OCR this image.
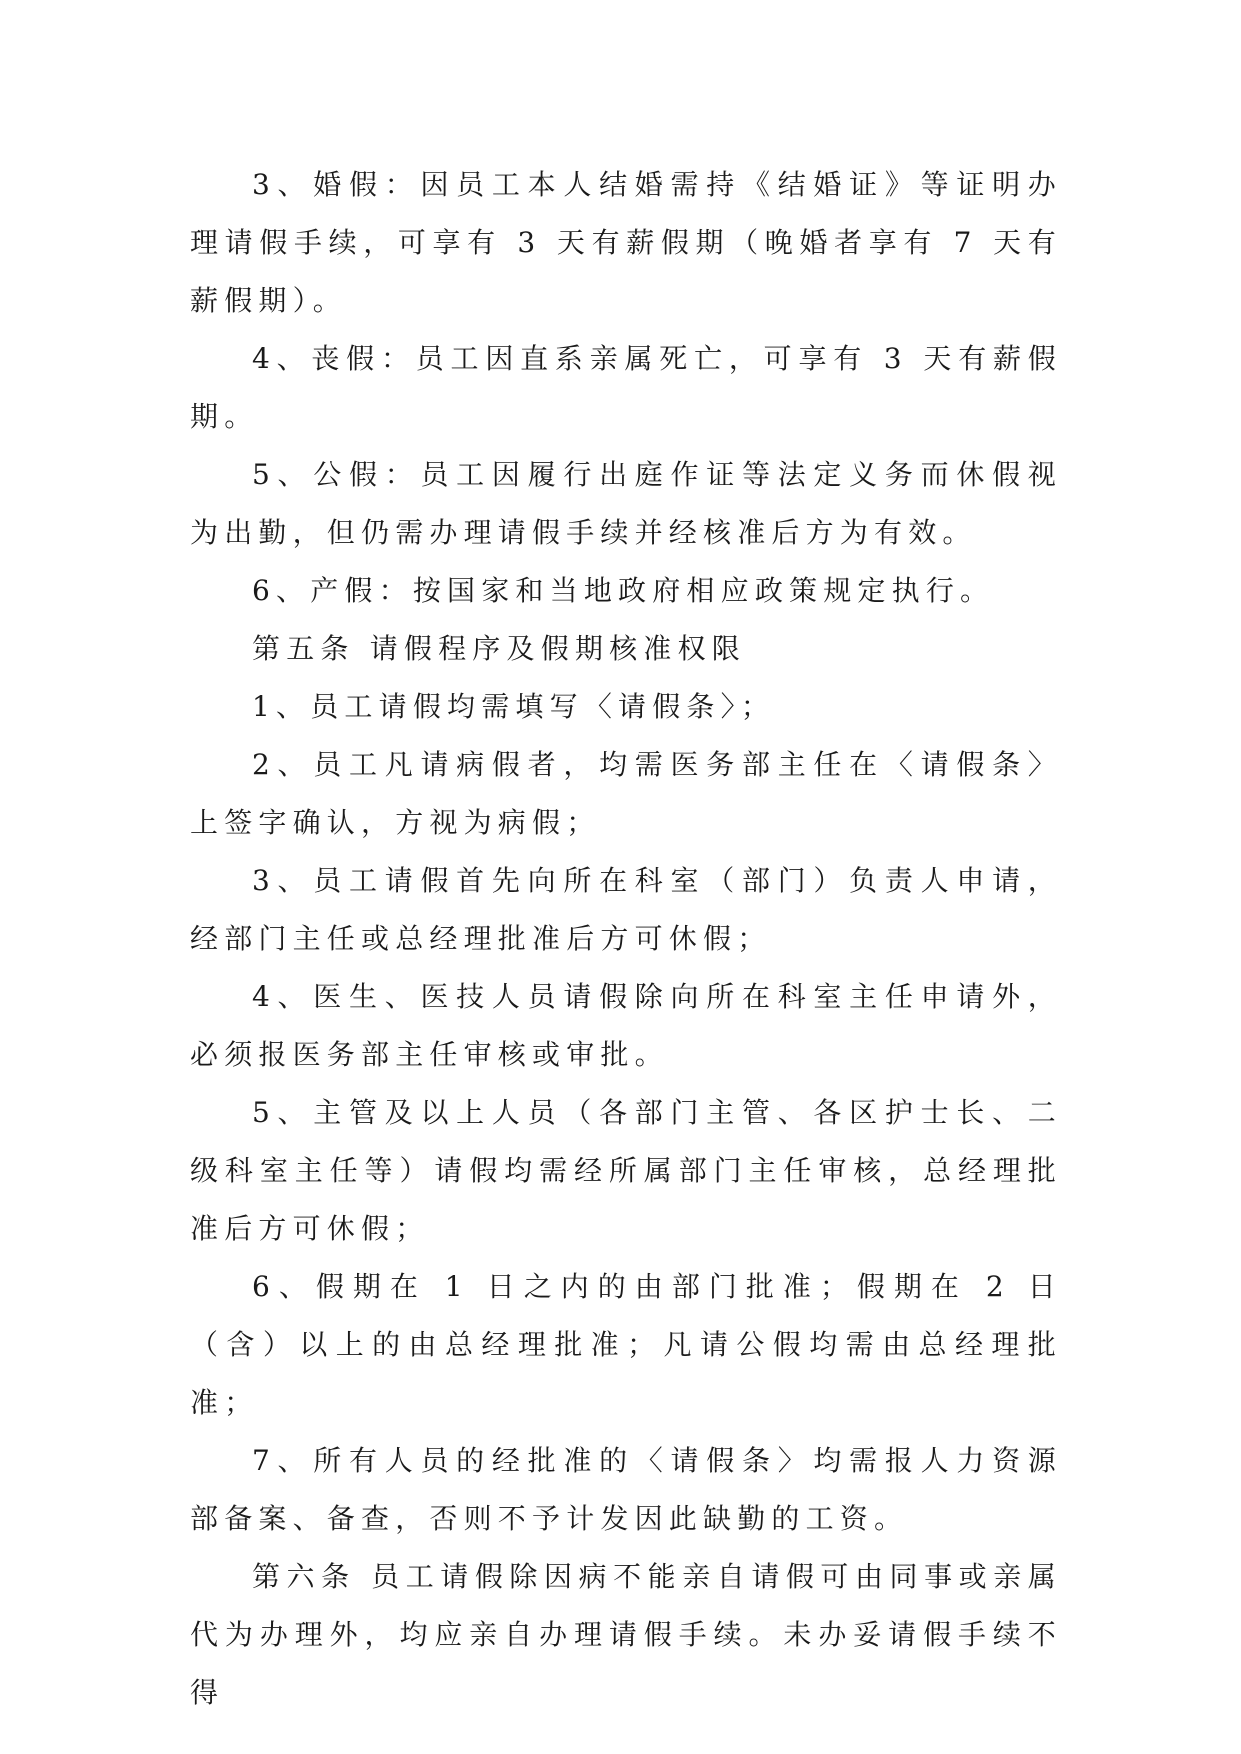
3、婚假：因员工本人结婚需持《结婚证》等证明办理请假手续，可享有 3 天有薪假期（晚婚者享有 7 天有薪假期）。

4、丧假：员工因直系亲属死亡，可享有 3 天有薪假期。

5、公假：员工因履行出庭作证等法定义务而休假视为出勤，但仍需办理请假手续并经核准后方为有效。

6、产假：按国家和当地政府相应政策规定执行。

第五条 请假程序及假期核准权限

1、员工请假均需填写〈请假条〉；

2、员工凡请病假者，均需医务部主任在〈请假条〉上签字确认，方视为病假；

3、员工请假首先向所在科室（部门）负责人申请，经部门主任或总经理批准后方可休假；

4、医生、医技人员请假除向所在科室主任申请外，必须报医务部主任审核或审批。

5、主管及以上人员（各部门主管、各区护士长、二级科室主任等）请假均需经所属部门主任审核，总经理批准后方可休假；

6、假期在 1 日之内的由部门批准；假期在 2 日（含）以上的由总经理批准；凡请公假均需由总经理批准；

7、所有人员的经批准的〈请假条〉均需报人力资源部备案、备查，否则不予计发因此缺勤的工资。

第六条 员工请假除因病不能亲自请假可由同事或亲属代为办理外，均应亲自办理请假手续。未办妥请假手续不得
